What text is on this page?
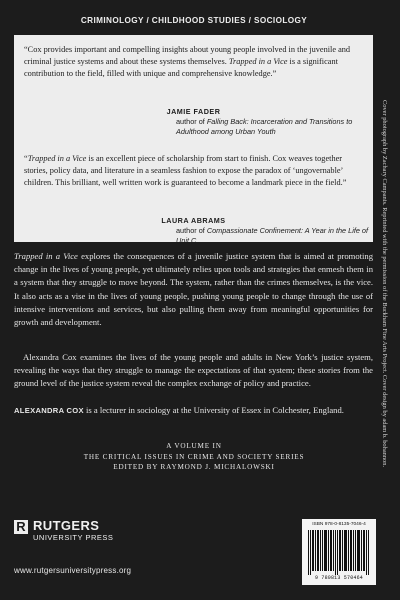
CRIMINOLOGY / CHILDHOOD STUDIES / SOCIOLOGY

“Cox provides important and compelling insights about young people involved in the juvenile and criminal justice systems and about these systems themselves. Trapped in a Vice is a significant contribution to the field, filled with unique and comprehensive knowledge.”

JAMIE FADER

author of Falling Back: Incarceration and Transitions to Adulthood among Urban Youth

“Trapped in a Vice is an excellent piece of scholarship from start to finish. Cox weaves together stories, policy data, and literature in a seamless fashion to expose the paradox of ‘ungovernable’ children. This brilliant, well written work is guaranteed to become a landmark piece in the field.”

LAURA ABRAMS

author of Compassionate Confinement: A Year in the Life of Unit C

Trapped in a Vice explores the consequences of a juvenile justice system that is aimed at promoting change in the lives of young people, yet ultimately relies upon tools and strategies that enmesh them in a system that they struggle to move beyond. The system, rather than the crimes themselves, is the vice. It also acts as a vise in the lives of young people, pushing young people to change through the use of intensive interventions and services, but also pulling them away from meaningful opportunities for growth and development.

Alexandra Cox examines the lives of the young people and adults in New York’s justice system, revealing the ways that they struggle to manage the expectations of that system; these stories from the ground level of the justice system reveal the complex exchange of policy and practice.

ALEXANDRA COX is a lecturer in sociology at the University of Essex in Colchester, England.

A VOLUME IN
THE CRITICAL ISSUES IN CRIME AND SOCIETY SERIES
EDITED BY RAYMOND J. MICHALOWSKI
R RUTGERS
UNIVERSITY PRESS
www.rutgersuniversitypress.org
ISBN 978-0-8135-7046-4
9 780813 570464
Cover photograph by Zachary Campanis. Reprinted with the permission of the Buckham Fine Arts Project. Cover design by adam b. bohannon.
